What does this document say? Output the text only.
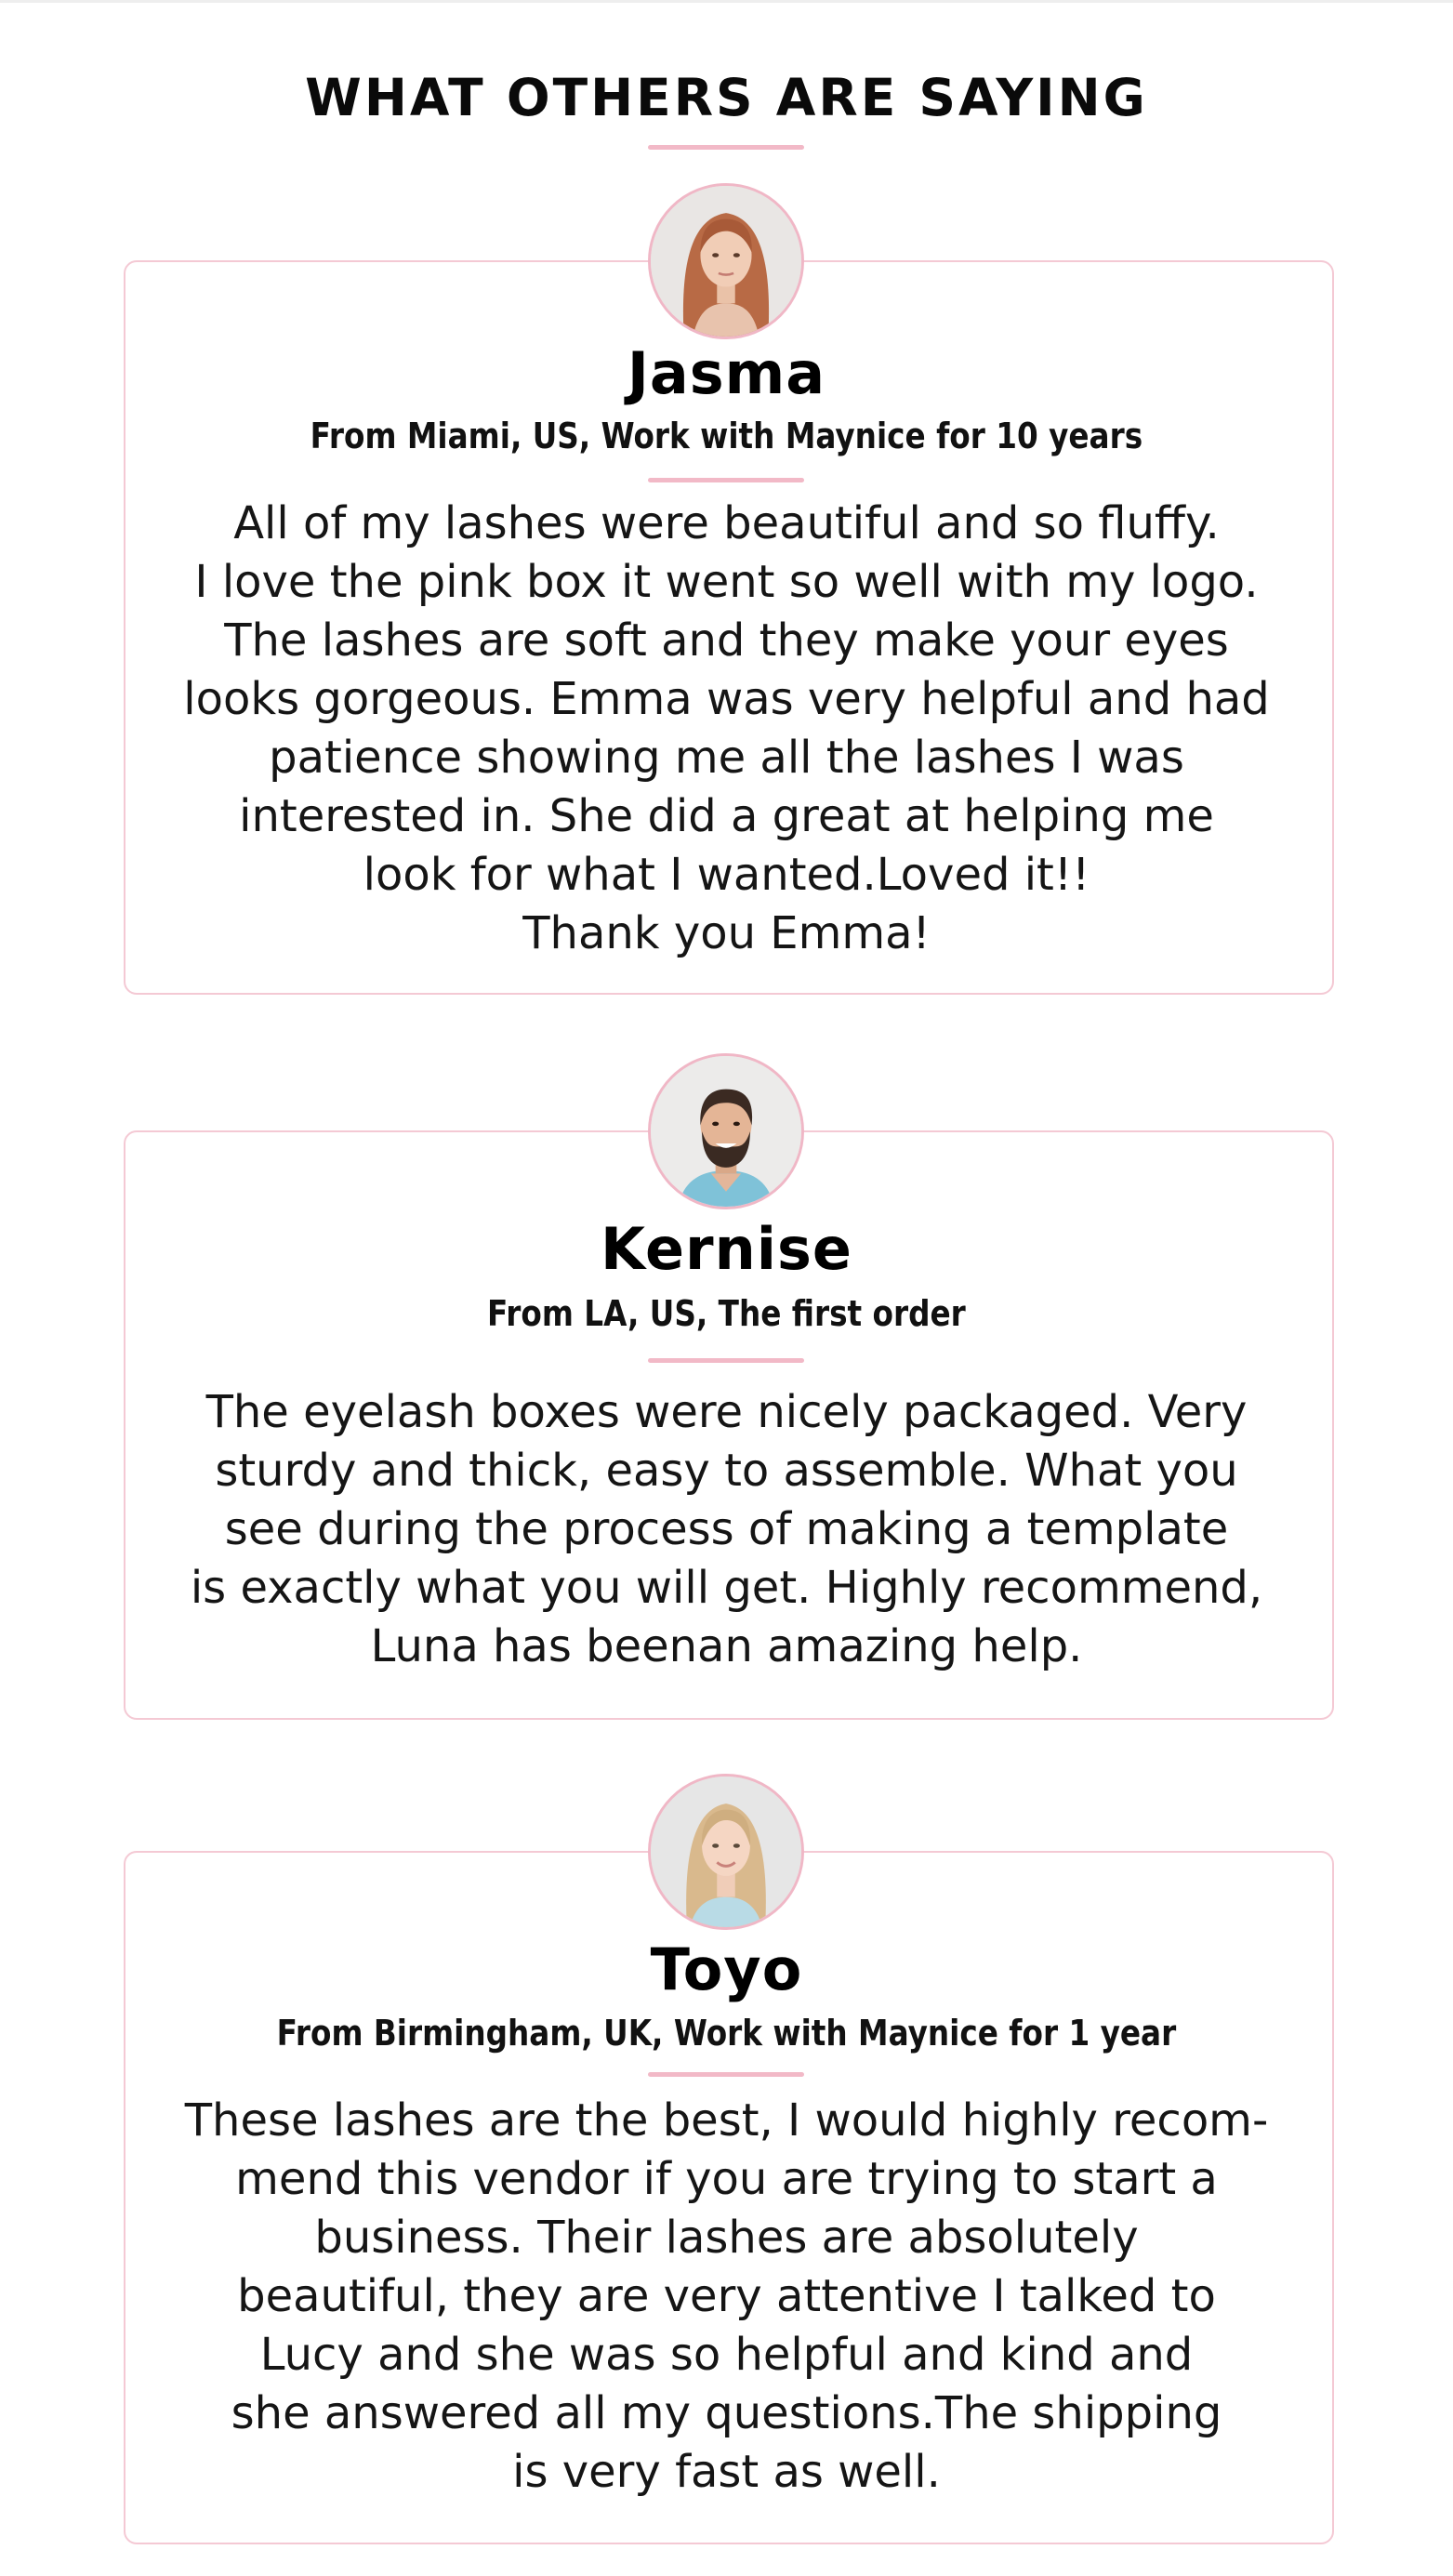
WHAT OTHERS ARE SAYING
Jasma
From Miami, US, Work with Maynice for 10 years
All of my lashes were beautiful and so fluffy.
I love the pink box it went so well with my logo.
The lashes are soft and they make your eyes
looks gorgeous. Emma was very helpful and had
patience showing me all the lashes I was
interested in. She did a great at helping me
look for what I wanted.Loved it!!
Thank you Emma!
Kernise
From LA, US, The first order
The eyelash boxes were nicely packaged. Very
sturdy and thick, easy to assemble. What you
see during the process of making a template
is exactly what you will get. Highly recommend,
Luna has beenan amazing help.
Toyo
From Birmingham, UK, Work with Maynice for 1 year
These lashes are the best, I would highly recom-
mend this vendor if you are trying to start a
business. Their lashes are absolutely
beautiful, they are very attentive I talked to
Lucy and she was so helpful and kind and
she answered all my questions.The shipping
is very fast as well.
